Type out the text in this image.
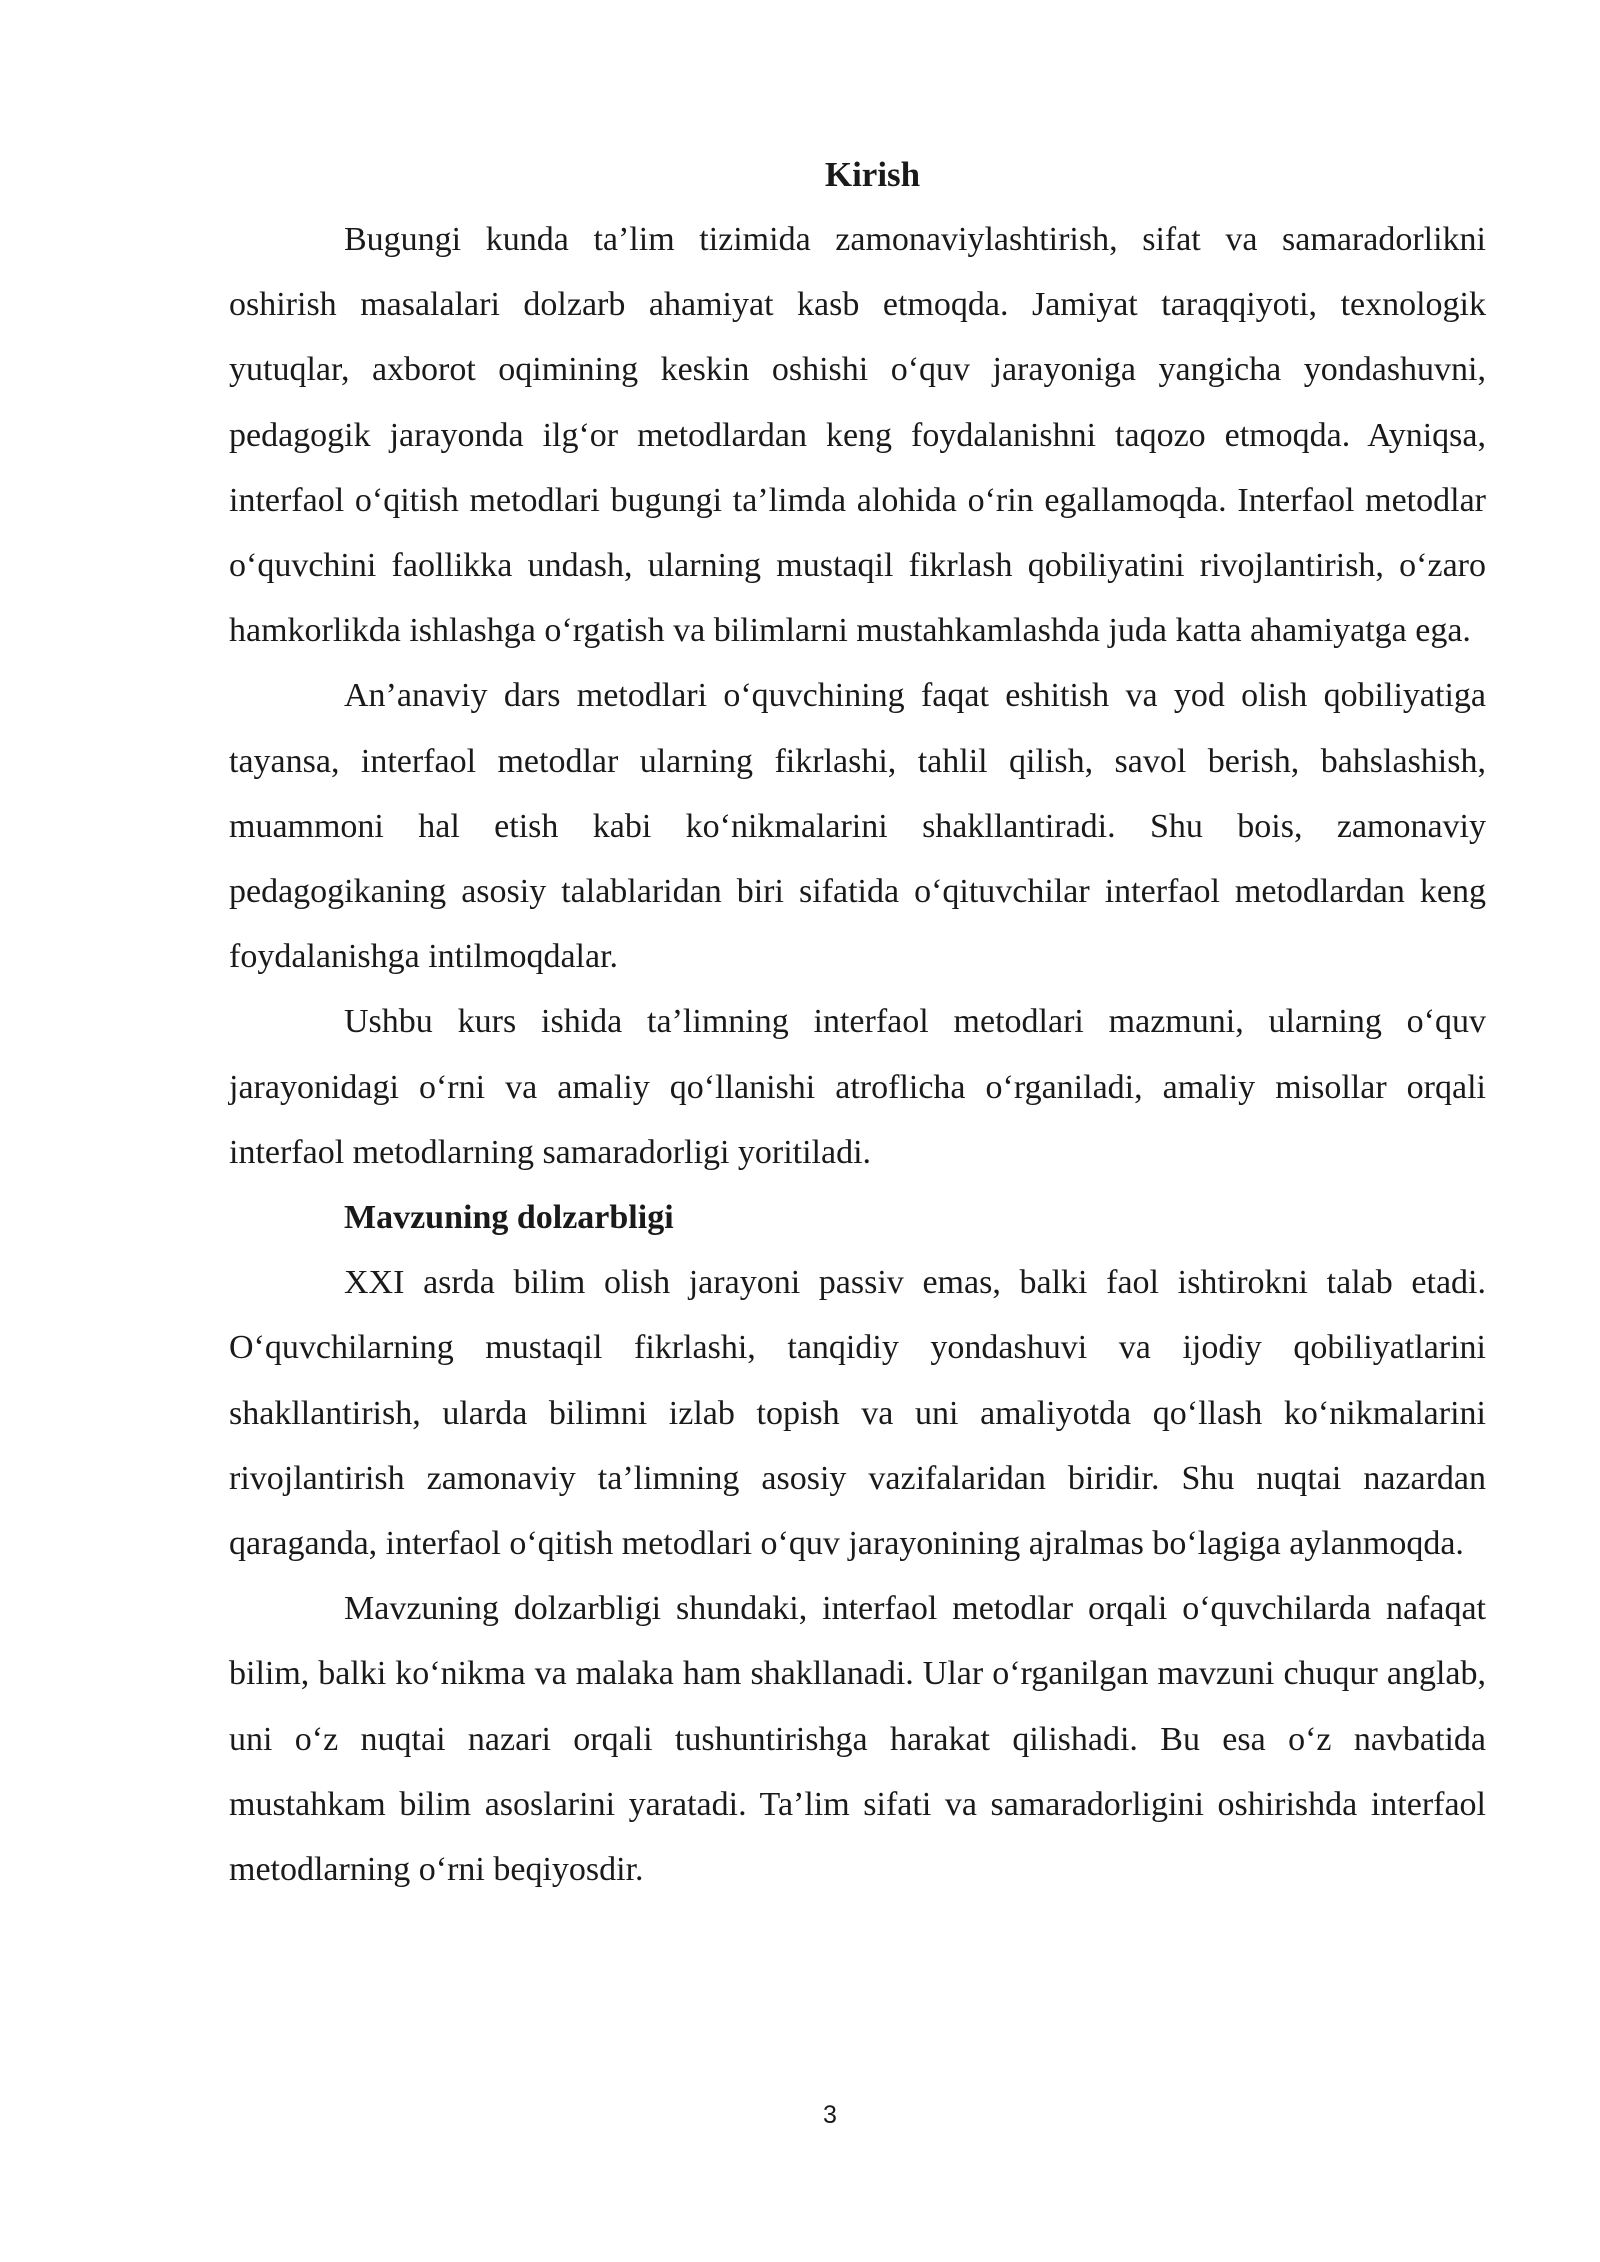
Kirish

Bugungi kunda ta’lim tizimida zamonaviylashtirish, sifat va samaradorlikni oshirish masalalari dolzarb ahamiyat kasb etmoqda. Jamiyat taraqqiyoti, texnologik yutuqlar, axborot oqimining keskin oshishi o‘quv jarayoniga yangicha yondashuvni, pedagogik jarayonda ilg‘or metodlardan keng foydalanishni taqozo etmoqda. Ayniqsa, interfaol o‘qitish metodlari bugungi ta’limda alohida o‘rin egallamoqda. Interfaol metodlar o‘quvchini faollikka undash, ularning mustaqil fikrlash qobiliyatini rivojlantirish, o‘zaro hamkorlikda ishlashga o‘rgatish va bilimlarni mustahkamlashda juda katta ahamiyatga ega.

An’anaviy dars metodlari o‘quvchining faqat eshitish va yod olish qobiliyatiga tayansa, interfaol metodlar ularning fikrlashi, tahlil qilish, savol berish, bahslashish, muammoni hal etish kabi ko‘nikmalarini shakllantiradi. Shu bois, zamonaviy pedagogikaning asosiy talablaridan biri sifatida o‘qituvchilar interfaol metodlardan keng foydalanishga intilmoqdalar.

Ushbu kurs ishida ta’limning interfaol metodlari mazmuni, ularning o‘quv jarayonidagi o‘rni va amaliy qo‘llanishi atroflicha o‘rganiladi, amaliy misollar orqali interfaol metodlarning samaradorligi yoritiladi.

Mavzuning dolzarbligi

XXI asrda bilim olish jarayoni passiv emas, balki faol ishtirokni talab etadi. O‘quvchilarning mustaqil fikrlashi, tanqidiy yondashuvi va ijodiy qobiliyatlarini shakllantirish, ularda bilimni izlab topish va uni amaliyotda qo‘llash ko‘nikmalarini rivojlantirish zamonaviy ta’limning asosiy vazifalaridan biridir. Shu nuqtai nazardan qaraganda, interfaol o‘qitish metodlari o‘quv jarayonining ajralmas bo‘lagiga aylanmoqda.

Mavzuning dolzarbligi shundaki, interfaol metodlar orqali o‘quvchilarda nafaqat bilim, balki ko‘nikma va malaka ham shakllanadi. Ular o‘rganilgan mavzuni chuqur anglab, uni o‘z nuqtai nazari orqali tushuntirishga harakat qilishadi. Bu esa o‘z navbatida mustahkam bilim asoslarini yaratadi. Ta’lim sifati va samaradorligini oshirishda interfaol metodlarning o‘rni beqiyosdir.

3
